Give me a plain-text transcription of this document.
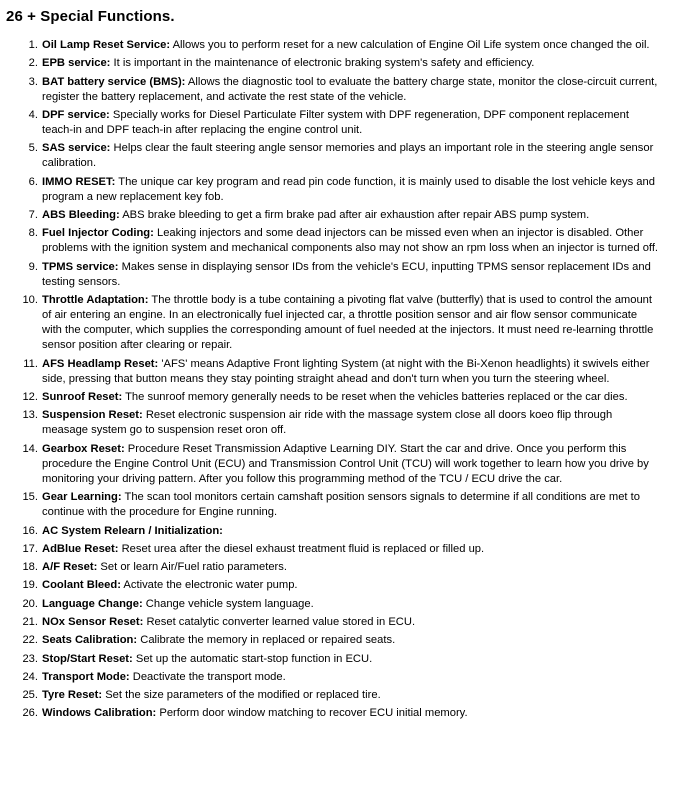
26 + Special Functions.
1. Oil Lamp Reset Service: Allows you to perform reset for a new calculation of Engine Oil Life system once changed the oil.
2. EPB service: It is important in the maintenance of electronic braking system's safety and efficiency.
3. BAT battery service (BMS): Allows the diagnostic tool to evaluate the battery charge state, monitor the close-circuit current, register the battery replacement, and activate the rest state of the vehicle.
4. DPF service: Specially works for Diesel Particulate Filter system with DPF regeneration, DPF component replacement teach-in and DPF teach-in after replacing the engine control unit.
5. SAS service: Helps clear the fault steering angle sensor memories and plays an important role in the steering angle sensor calibration.
6. IMMO RESET: The unique car key program and read pin code function, it is mainly used to disable the lost vehicle keys and program a new replacement key fob.
7. ABS Bleeding: ABS brake bleeding to get a firm brake pad after air exhaustion after repair ABS pump system.
8. Fuel Injector Coding: Leaking injectors and some dead injectors can be missed even when an injector is disabled. Other problems with the ignition system and mechanical components also may not show an rpm loss when an injector is turned off.
9. TPMS service: Makes sense in displaying sensor IDs from the vehicle's ECU, inputting TPMS sensor replacement IDs and testing sensors.
10. Throttle Adaptation: The throttle body is a tube containing a pivoting flat valve (butterfly) that is used to control the amount of air entering an engine. In an electronically fuel injected car, a throttle position sensor and air flow sensor communicate with the computer, which supplies the corresponding amount of fuel needed at the injectors. It must need re-learning throttle sensor position after clearing or repair.
11. AFS Headlamp Reset: 'AFS' means Adaptive Front lighting System (at night with the Bi-Xenon headlights) it swivels either side, pressing that button means they stay pointing straight ahead and don't turn when you turn the steering wheel.
12. Sunroof Reset: The sunroof memory generally needs to be reset when the vehicles batteries replaced or the car dies.
13. Suspension Reset: Reset electronic suspension air ride with the massage system close all doors koeo flip through measage system go to suspension reset oron off.
14. Gearbox Reset: Procedure Reset Transmission Adaptive Learning DIY. Start the car and drive. Once you perform this procedure the Engine Control Unit (ECU) and Transmission Control Unit (TCU) will work together to learn how you drive by monitoring your driving pattern. After you follow this programming method of the TCU / ECU drive the car.
15. Gear Learning: The scan tool monitors certain camshaft position sensors signals to determine if all conditions are met to continue with the procedure for Engine running.
16. AC System Relearn / Initialization:
17. AdBlue Reset: Reset urea after the diesel exhaust treatment fluid is replaced or filled up.
18. A/F Reset: Set or learn Air/Fuel ratio parameters.
19. Coolant Bleed: Activate the electronic water pump.
20. Language Change: Change vehicle system language.
21. NOx Sensor Reset: Reset catalytic converter learned value stored in ECU.
22. Seats Calibration: Calibrate the memory in replaced or repaired seats.
23. Stop/Start Reset: Set up the automatic start-stop function in ECU.
24. Transport Mode: Deactivate the transport mode.
25. Tyre Reset: Set the size parameters of the modified or replaced tire.
26. Windows Calibration: Perform door window matching to recover ECU initial memory.
